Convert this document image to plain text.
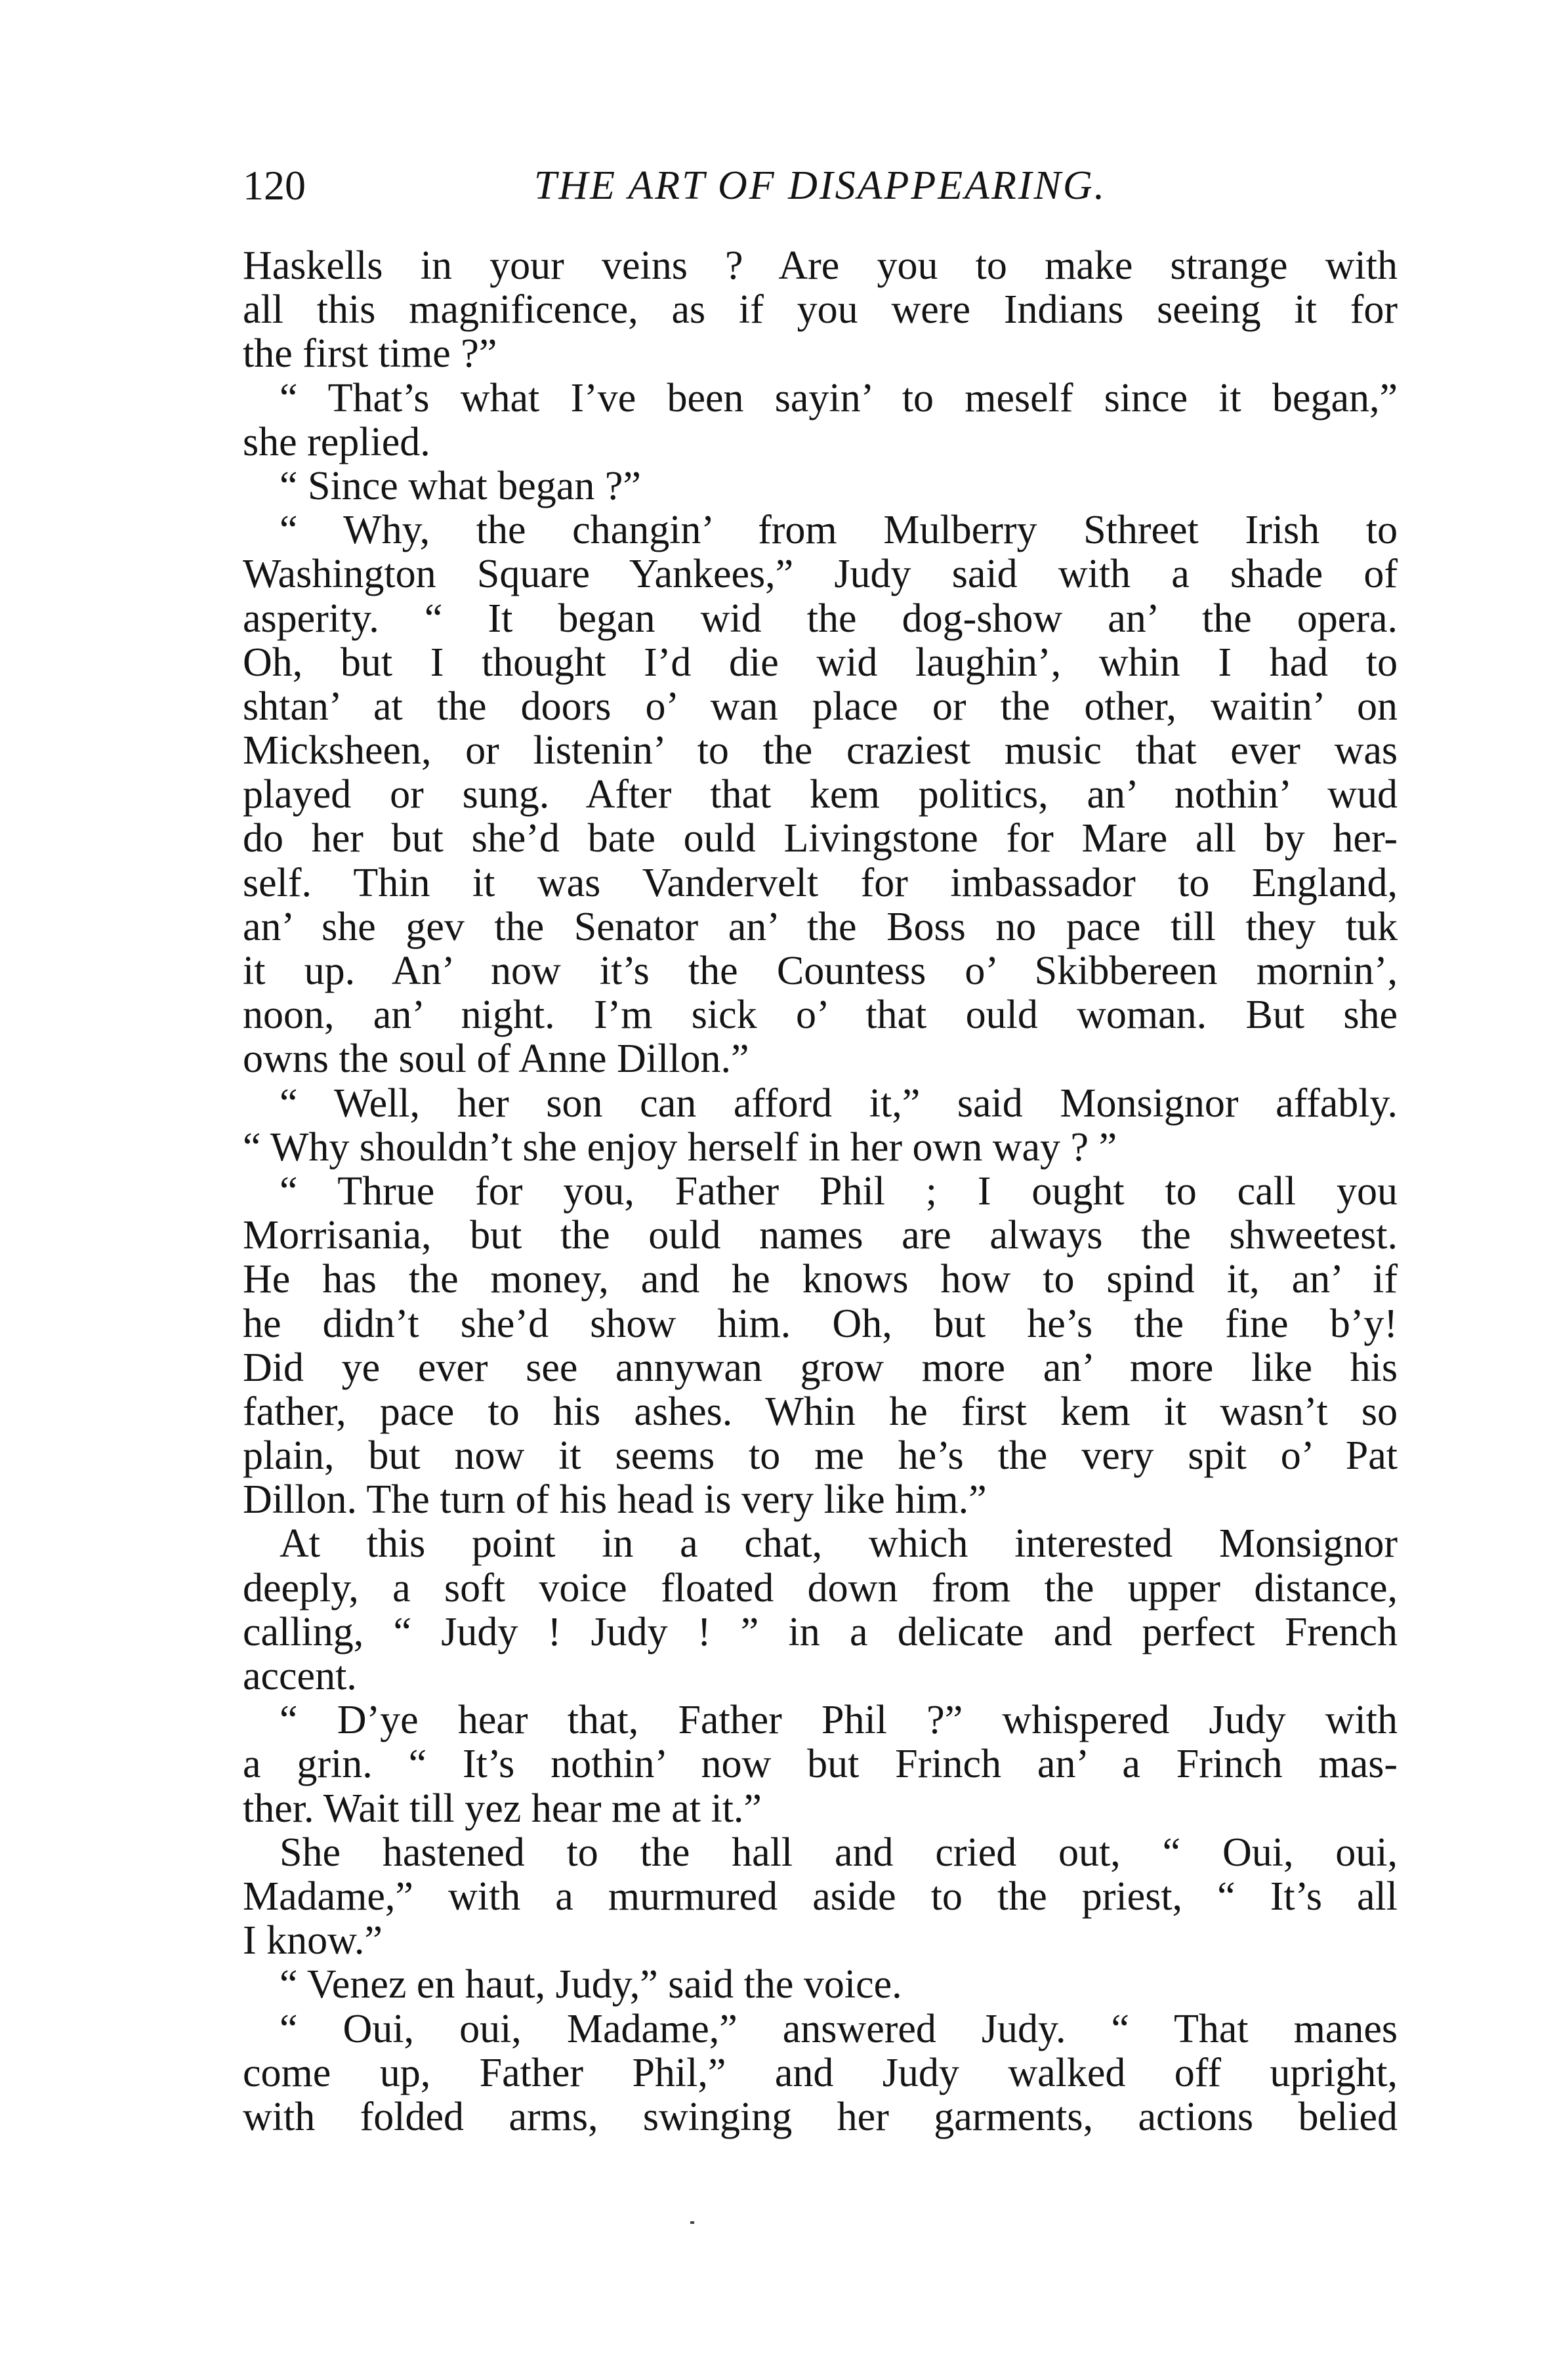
120	THE ART OF DISAPPEARING.
Haskells in your veins ? Are you to make strange with
all this magnificence, as if you were Indians seeing it for
the first time ?”
“ That’s what I’ve been sayin’ to meself since it began,”
she replied.
“ Since what began ?”
“ Why, the changin’ from Mulberry Sthreet Irish to
Washington Square Yankees,” Judy said with a shade of
asperity. “ It began wid the dog-show an’ the opera.
Oh, but I thought I’d die wid laughin’, whin I had to
shtan’ at the doors o’ wan place or the other, waitin’ on
Micksheen, or listenin’ to the craziest music that ever was
played or sung. After that kem politics, an’ nothin’ wud
do her but she’d bate ould Livingstone for Mare all by her-
self. Thin it was Vandervelt for imbassador to England,
an’ she gev the Senator an’ the Boss no pace till they tuk
it up. An’ now it’s the Countess o’ Skibbereen mornin’,
noon, an’ night. I’m sick o’ that ould woman. But she
owns the soul of Anne Dillon.”
“ Well, her son can afford it,” said Monsignor affably.
“ Why shouldn’t she enjoy herself in her own way ? ”
“ Thrue for you, Father Phil ; I ought to call you
Morrisania, but the ould names are always the shweetest.
He has the money, and he knows how to spind it, an’ if
he didn’t she’d show him. Oh, but he’s the fine b’y!
Did ye ever see annywan grow more an’ more like his
father, pace to his ashes. Whin he first kem it wasn’t so
plain, but now it seems to me he’s the very spit o’ Pat
Dillon. The turn of his head is very like him.”
At this point in a chat, which interested Monsignor
deeply, a soft voice floated down from the upper distance,
calling, “ Judy ! Judy ! ” in a delicate and perfect French
accent.
“ D’ye hear that, Father Phil ?” whispered Judy with
a grin. “ It’s nothin’ now but Frinch an’ a Frinch mas-
ther. Wait till yez hear me at it.”
She hastened to the hall and cried out, “ Oui, oui,
Madame,” with a murmured aside to the priest, “ It’s all
I know.”
“ Venez en haut, Judy,” said the voice.
“ Oui, oui, Madame,” answered Judy. “ That manes
come up, Father Phil,” and Judy walked off upright,
with folded arms, swinging her garments, actions belied
